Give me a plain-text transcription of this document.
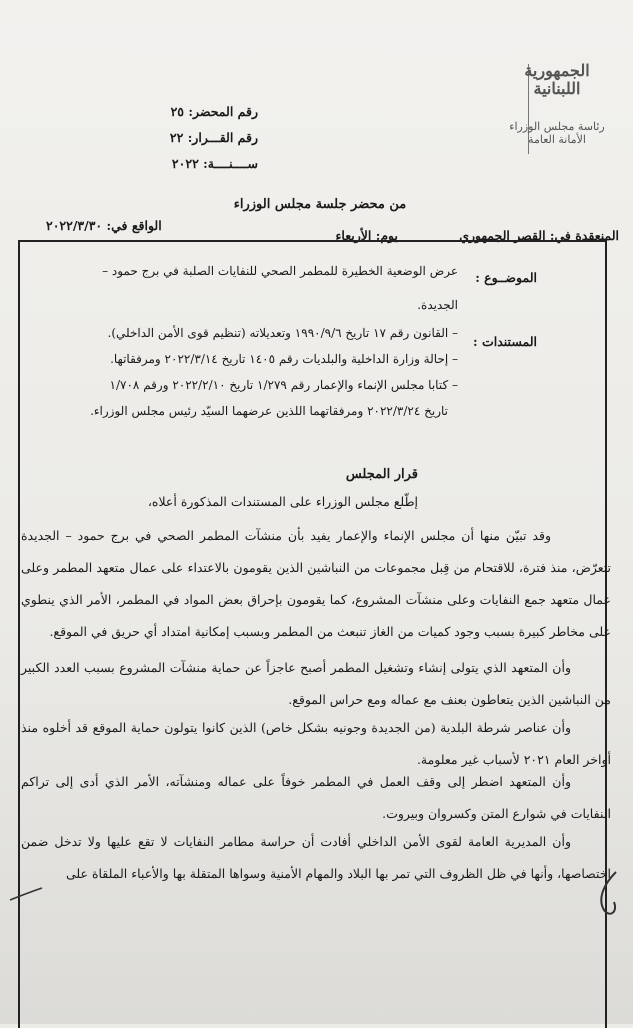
الجمهورية
اللبنانية
رئاسة مجلس الوزراء
الأمانة العامة
رقم المحضر: ٢٥
رقم القـــرار: ٢٢
ســــنــــة: ٢٠٢٢
من محضر جلسة مجلس الوزراء
المنعقدة في: القصر الجمهوري
يوم: الأربعاء
الواقع في: ٢٠٢٢/٣/٣٠
الموضــوع :
عرض الوضعية الخطيرة للمطمر الصحي للنفايات الصلبة في برج حمود –
الجديدة.
المستندات :
– القانون رقم ١٧ تاريخ ١٩٩٠/٩/٦ وتعديلاته (تنظيم قوى الأمن الداخلي).
– إحالة وزارة الداخلية والبلديات رقم ١٤٠٥ تاريخ ٢٠٢٢/٣/١٤ ومرفقاتها.
– كتابا مجلس الإنماء والإعمار رقم ١/٢٧٩ تاريخ ٢٠٢٢/٢/١٠ ورقم ١/٧٠٨
تاريخ ٢٠٢٢/٣/٢٤ ومرفقاتهما اللذين عرضهما السيّد رئيس مجلس الوزراء.
قرار المجلس
إطّلع مجلس الوزراء على المستندات المذكورة أعلاه،
وقد تبيّن منها أن مجلس الإنماء والإعمار يفيد بأن منشآت المطمر الصحي في برج حمود – الجديدة تتعرّض، منذ فترة، للاقتحام من قِبل مجموعات من النباشين الذين يقومون بالاعتداء على عمال متعهد المطمر وعلى عمال متعهد جمع النفايات وعلى منشآت المشروع، كما يقومون بإحراق بعض المواد في المطمر، الأمر الذي ينطوي على مخاطر كبيرة بسبب وجود كميات من الغاز تنبعث من المطمر وبسبب إمكانية امتداد أي حريق في الموقع.
وأن المتعهد الذي يتولى إنشاء وتشغيل المطمر أصبح عاجزاً عن حماية منشآت المشروع بسبب العدد الكبير من النباشين الذين يتعاطون بعنف مع عماله ومع حراس الموقع.
وأن عناصر شرطة البلدية (من الجديدة وجونيه بشكل خاص) الذين كانوا يتولون حماية الموقع قد أخلوه منذ أواخر العام ٢٠٢١ لأسباب غير معلومة.
وأن المتعهد اضطر إلى وقف العمل في المطمر خوفاً على عماله ومنشآته، الأمر الذي أدى إلى تراكم النفايات في شوارع المتن وكسروان وبيروت.
وأن المديرية العامة لقوى الأمن الداخلي أفادت أن حراسة مطامر النفايات لا تقع عليها ولا تدخل ضمن اختصاصها، وأنها في ظل الظروف التي تمر بها البلاد والمهام الأمنية وسواها المتقلة بها والأعباء الملقاة على
